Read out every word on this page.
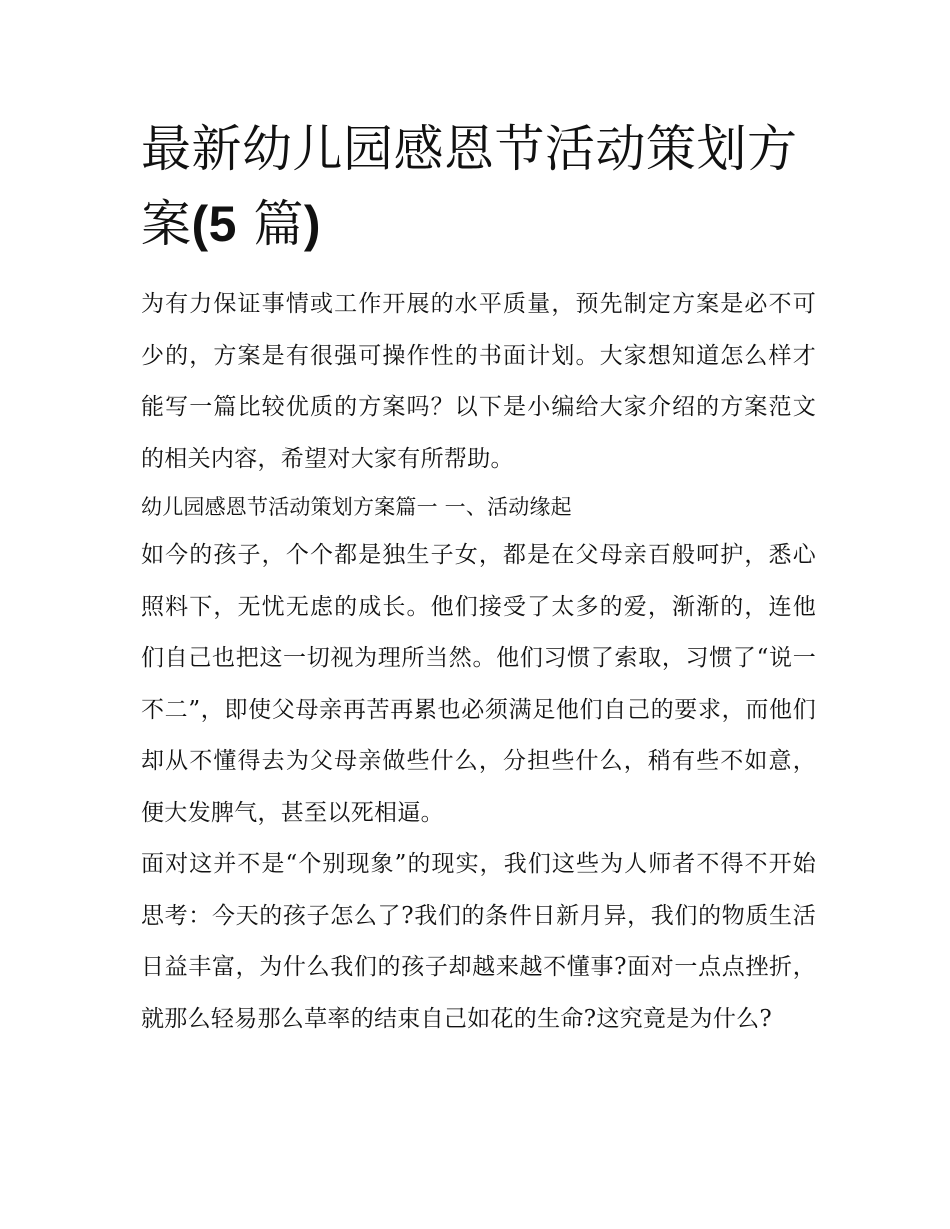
最新幼儿园感恩节活动策划方案(5 篇)

为有力保证事情或工作开展的水平质量，预先制定方案是必不可少的，方案是有很强可操作性的书面计划。大家想知道怎么样才能写一篇比较优质的方案吗？以下是小编给大家介绍的方案范文的相关内容，希望对大家有所帮助。

幼儿园感恩节活动策划方案篇一 一、活动缘起

如今的孩子，个个都是独生子女，都是在父母亲百般呵护，悉心照料下，无忧无虑的成长。他们接受了太多的爱，渐渐的，连他们自己也把这一切视为理所当然。他们习惯了索取，习惯了“说一不二”，即使父母亲再苦再累也必须满足他们自己的要求，而他们却从不懂得去为父母亲做些什么，分担些什么，稍有些不如意，便大发脾气，甚至以死相逼。

面对这并不是“个别现象”的现实，我们这些为人师者不得不开始思考：今天的孩子怎么了?我们的条件日新月异，我们的物质生活日益丰富，为什么我们的孩子却越来越不懂事?面对一点点挫折，就那么轻易那么草率的结束自己如花的生命?这究竟是为什么?
